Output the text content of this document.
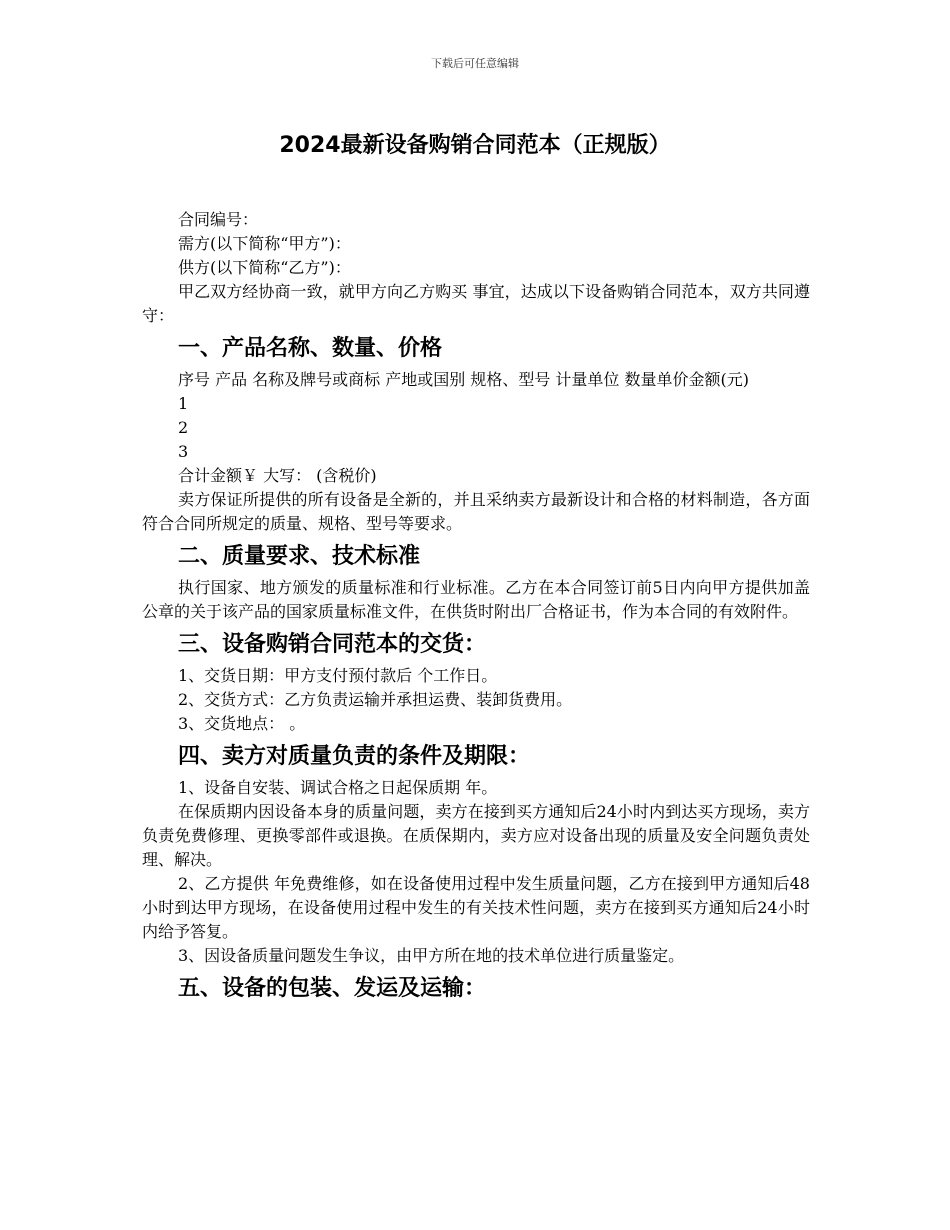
下载后可任意编辑
2024最新设备购销合同范本（正规版）

合同编号：

需方(以下简称“甲方”)：

供方(以下简称“乙方”)：

甲乙双方经协商一致，就甲方向乙方购买 事宜，达成以下设备购销合同范本，双方共同遵守：

一、产品名称、数量、价格

序号 产品 名称及牌号或商标 产地或国别 规格、型号 计量单位 数量单价金额(元)

1

2

3

合计金额￥ 大写： (含税价)

卖方保证所提供的所有设备是全新的，并且采纳卖方最新设计和合格的材料制造，各方面符合合同所规定的质量、规格、型号等要求。

二、质量要求、技术标准

执行国家、地方颁发的质量标准和行业标准。乙方在本合同签订前5日内向甲方提供加盖公章的关于该产品的国家质量标准文件，在供货时附出厂合格证书，作为本合同的有效附件。

三、设备购销合同范本的交货：

1、交货日期：甲方支付预付款后 个工作日。

2、交货方式：乙方负责运输并承担运费、装卸货费用。

3、交货地点： 。

四、卖方对质量负责的条件及期限：

1、设备自安装、调试合格之日起保质期 年。

在保质期内因设备本身的质量问题，卖方在接到买方通知后24小时内到达买方现场，卖方负责免费修理、更换零部件或退换。在质保期内，卖方应对设备出现的质量及安全问题负责处理、解决。

2、乙方提供 年免费维修，如在设备使用过程中发生质量问题，乙方在接到甲方通知后48小时到达甲方现场，在设备使用过程中发生的有关技术性问题，卖方在接到买方通知后24小时内给予答复。

3、因设备质量问题发生争议，由甲方所在地的技术单位进行质量鉴定。

五、设备的包装、发运及运输：
